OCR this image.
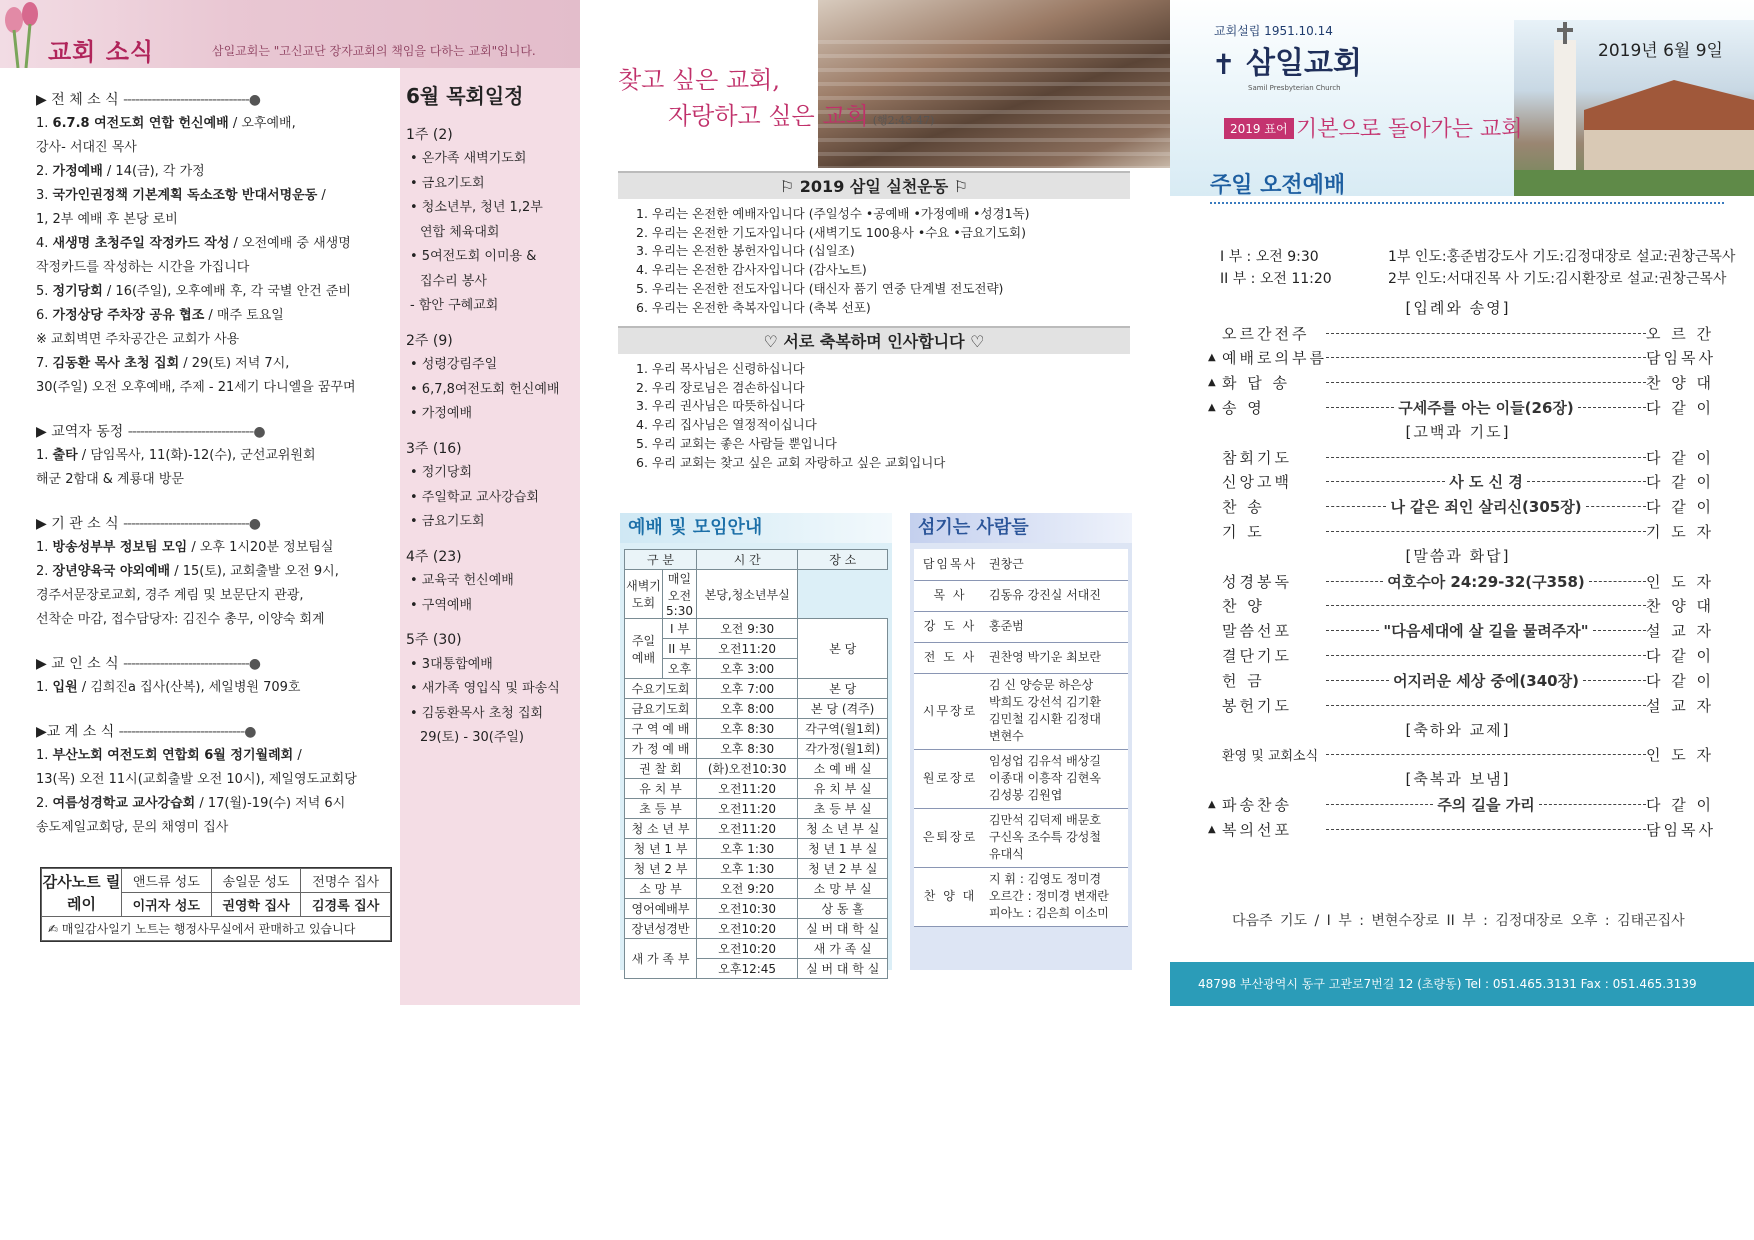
교회 소식	삼일교회는 "고신교단 장자교회의 책임을 다하는 교회"입니다.
▶ 전 체 소 식 -------------------------------●
1. 6.7.8 여전도회 연합 헌신예배 / 오후예배,
강사- 서대진 목사
2. 가정예배 / 14(금), 각 가정
3. 국가인권정책 기본계획 독소조항 반대서명운동 /
1, 2부 예배 후 본당 로비
4. 새생명 초청주일 작정카드 작성 / 오전예배 중 새생명
작정카드를 작성하는 시간을 가집니다
5. 정기당회 / 16(주일), 오후예배 후, 각 국별 안건 준비
6. 가정상당 주차장 공유 협조 / 매주 토요일
※ 교회벽면 주차공간은 교회가 사용
7. 김동환 목사 초청 집회 / 29(토) 저녁 7시,
30(주일) 오전 오후예배, 주제 - 21세기 다니엘을 꿈꾸며
▶ 교역자 동정 -------------------------------●
1. 출타 / 담임목사, 11(화)-12(수), 군선교위원회
해군 2함대 & 계룡대 방문
▶ 기 관 소 식 -------------------------------●
1. 방송성부부 정보팀 모임 / 오후 1시20분 정보팀실
2. 장년양육국 야외예배 / 15(토), 교회출발 오전 9시,
경주서문장로교회, 경주 계림 및 보문단지 관광,
선착순 마감, 접수담당자: 김진수 총무, 이양숙 회계
▶ 교 인 소 식 -------------------------------●
1. 입원 / 김희진a 집사(산복), 세일병원 709호
▶교 계 소 식 -------------------------------●
1. 부산노회 여전도회 연합회 6월 정기월례회 /
13(목) 오전 11시(교회출발 오전 10시), 제일영도교회당
2. 여름성경학교 교사강습회 / 17(월)-19(수) 저녁 6시
송도제일교회당, 문의 채영미 집사
감사노트 릴레이	앤드류 성도	송일문 성도	전명수 집사
	이귀자 성도	권영학 집사	김경록 집사
✍ 매일감사일기 노트는 행정사무실에서 판매하고 있습니다			
6월 목회일정
1주 (2)
• 온가족 새벽기도회
• 금요기도회
• 청소년부, 청년 1,2부
연합 체육대회
• 5여전도회 이미용 &
집수리 봉사
- 함안 구혜교회
2주 (9)
• 성령강림주일
• 6,7,8여전도회 헌신예배
• 가정예배
3주 (16)
• 정기당회
• 주일학교 교사강습회
• 금요기도회
4주 (23)
• 교육국 헌신예배
• 구역예배
5주 (30)
• 3대통합예배
• 새가족 영입식 및 파송식
• 김동환목사 초청 집회
29(토) - 30(주일)
찾고 싶은 교회,
자랑하고 싶은 교회 (행2:43-47)
⚐ 2019 삼일 실천운동 ⚐
1. 우리는 온전한 예배자입니다 (주일성수 •공예배 •가정예배 •성경1독)
2. 우리는 온전한 기도자입니다 (새벽기도 100용사 •수요 •금요기도회)
3. 우리는 온전한 봉헌자입니다 (십일조)
4. 우리는 온전한 감사자입니다 (감사노트)
5. 우리는 온전한 전도자입니다 (태신자 품기 연중 단계별 전도전략)
6. 우리는 온전한 축복자입니다 (축복 선포)
♡ 서로 축복하며 인사합니다 ♡
1. 우리 목사님은 신령하십니다
2. 우리 장로님은 겸손하십니다
3. 우리 권사님은 따뜻하십니다
4. 우리 집사님은 열정적이십니다
5. 우리 교회는 좋은 사람들 뿐입니다
6. 우리 교회는 찾고 싶은 교회 자랑하고 싶은 교회입니다
예배 및 모임안내
구 분		시 간	장 소
새벽기도회	매일오전 5:30	본당,청소년부실	
주일 예배	I 부	오전 9:30	본 당
	II 부	오전11:20	
	오후	오후 3:00	
수요기도회		오후 7:00	본 당
금요기도회		오후 8:00	본 당 (격주)
구 역 예 배		오후 8:30	각구역(월1회)
가 정 예 배		오후 8:30	각가정(월1회)
권 찰 회		(화)오전10:30	소 예 배 실
유 치 부		오전11:20	유 치 부 실
초 등 부		오전11:20	초 등 부 실
청 소 년 부		오전11:20	청 소 년 부 실
청 년 1 부		오후 1:30	청 년 1 부 실
청 년 2 부		오후 1:30	청 년 2 부 실
소 망 부		오전 9:20	소 망 부 실
영어예배부		오전10:30	상 동 홀
장년성경반		오전10:20	실 버 대 학 실
새 가 족 부		오전10:20	새 가 족 실
		오후12:45	실 버 대 학 실
섬기는 사람들
담임목사	권창근

목 사	김동유 강진실 서대진

강 도 사	홍준범

전 도 사	권찬영 박기운 최보란

시무장로	김 신 양승문 하은상
박희도 강선석 김기환
김민철 김시환 김정대
변현수

원로장로	임성업 김유석 배상길
이종대 이흥작 김현옥
김성봉 김원엽

은퇴장로	김만석 김덕제 배문호
구신옥 조수특 강성철
유대식

찬 양 대	지 휘 : 김영도 정미경
오르간 : 정미경 변재란
피아노 : 김은희 이소미
교회설립 1951.10.14
✝ 삼일교회
Samil Presbyterian Church
2019년 6월 9일
2019 표어 기본으로 돌아가는 교회
주일 오전예배
I 부 : 오전 9:30
II 부 : 오전 11:20
1부 인도:홍준범강도사 기도:김정대장로 설교:권창근목사
2부 인도:서대진목 사 기도:김시환장로 설교:권창근목사
[입례와 송영]
오르간전주	오 르 간
▲ 예배로의부름	담임목사
▲ 화 답 송	찬 양 대
▲ 송 영	구세주를 아는 이들(26장)	다 같 이
[고백과 기도]
참회기도	다 같 이
신앙고백	사 도 신 경	다 같 이
찬 송	나 같은 죄인 살리신(305장)	다 같 이
기 도	기 도 자
[말씀과 화답]
성경봉독	여호수아 24:29-32(구358)	인 도 자
찬 양	찬 양 대
말씀선포	"다음세대에 살 길을 물려주자"	설 교 자
결단기도	다 같 이
헌 금	어지러운 세상 중에(340장)	다 같 이
봉헌기도	설 교 자
[축하와 교제]
환영 및 교회소식	인 도 자
[축복과 보냄]
▲ 파송찬송	주의 길을 가리	다 같 이
▲ 복의선포	담임목사
다음주 기도 / I 부 : 변현수장로 II 부 : 김정대장로 오후 : 김태곤집사
48798 부산광역시 동구 고관로7번길 12 (초량동) Tel : 051.465.3131 Fax : 051.465.3139 www.samil.org
